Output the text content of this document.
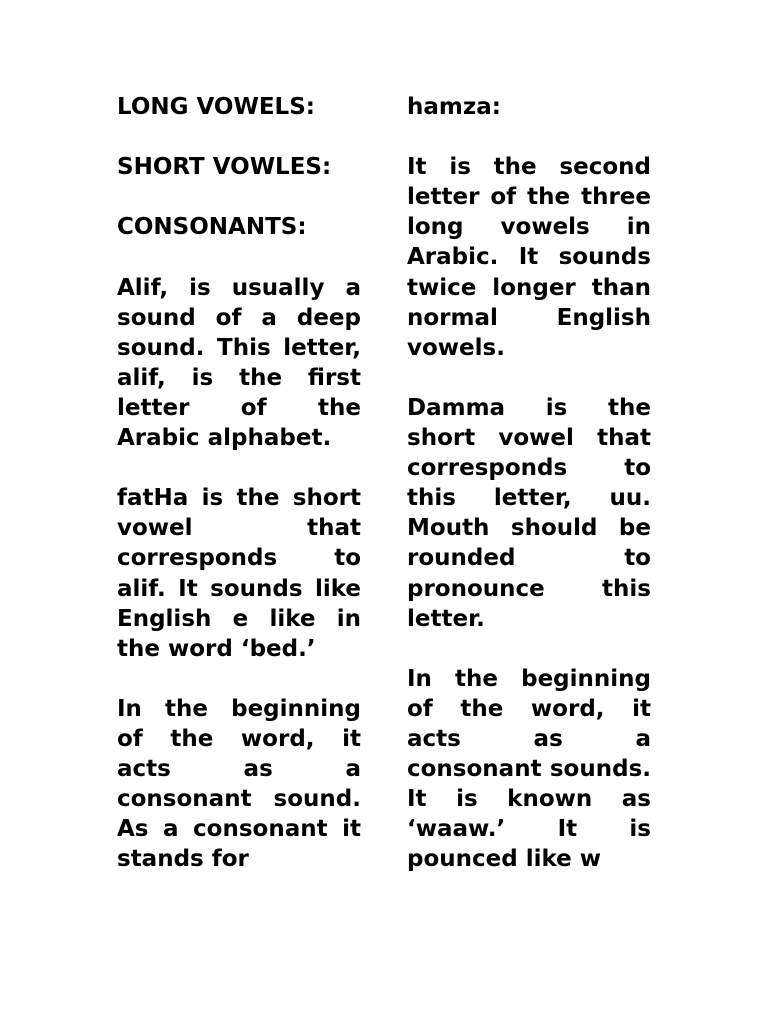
LONG VOWELS:

SHORT VOWLES:

CONSONANTS:

Alif, is usually a sound of a deep sound. This letter, alif, is the first letter of the Arabic alphabet.

fatHa is the short vowel that corresponds to alif. It sounds like English e like in the word ‘bed.’

In the beginning of the word, it acts as a consonant sound. As a consonant it stands for

hamza:

It is the second letter of the three long vowels in Arabic. It sounds twice longer than normal English vowels.

Damma is the short vowel that corresponds to this letter, uu. Mouth should be rounded to pronounce this letter.

In the beginning of the word, it acts as a consonant sounds. It is known as ‘waaw.’ It is pounced like w
